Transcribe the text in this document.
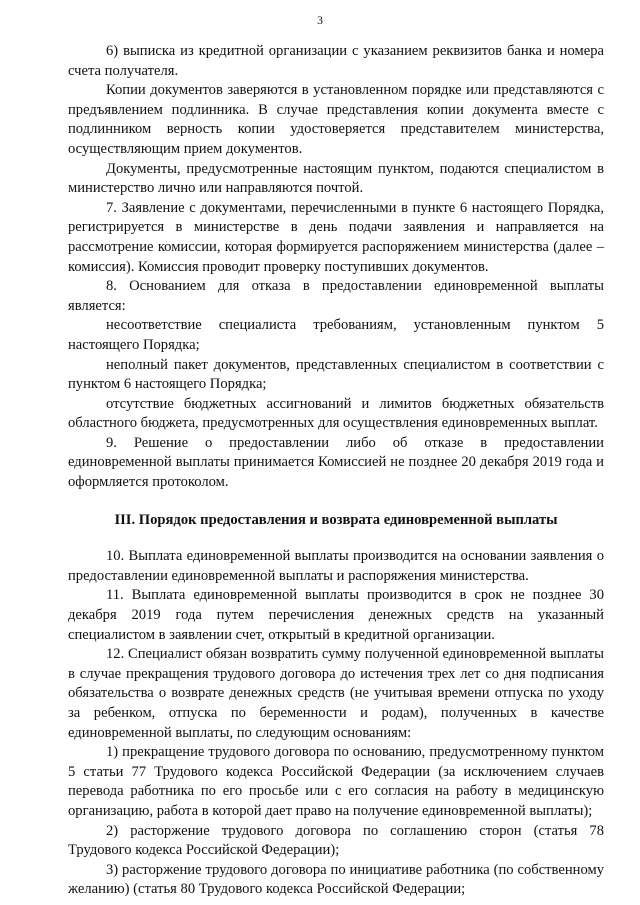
3

6) выписка из кредитной организации с указанием реквизитов банка и номера счета получателя.

Копии документов заверяются в установленном порядке или представляются с предъявлением подлинника. В случае представления копии документа вместе с подлинником верность копии удостоверяется представителем министерства, осуществляющим прием документов.

Документы, предусмотренные настоящим пунктом, подаются специалистом в министерство лично или направляются почтой.

7. Заявление с документами, перечисленными в пункте 6 настоящего Порядка, регистрируется в министерстве в день подачи заявления и направляется на рассмотрение комиссии, которая формируется распоряжением министерства (далее – комиссия). Комиссия проводит проверку поступивших документов.

8. Основанием для отказа в предоставлении единовременной выплаты является:

несоответствие специалиста требованиям, установленным пунктом 5 настоящего Порядка;

неполный пакет документов, представленных специалистом в соответствии с пунктом 6 настоящего Порядка;

отсутствие бюджетных ассигнований и лимитов бюджетных обязательств областного бюджета, предусмотренных для осуществления единовременных выплат.

9. Решение о предоставлении либо об отказе в предоставлении единовременной выплаты принимается Комиссией не позднее 20 декабря 2019 года и оформляется протоколом.

III. Порядок предоставления и возврата единовременной выплаты

10. Выплата единовременной выплаты производится на основании заявления о предоставлении единовременной выплаты и распоряжения министерства.

11. Выплата единовременной выплаты производится в срок не позднее 30 декабря 2019 года путем перечисления денежных средств на указанный специалистом в заявлении счет, открытый в кредитной организации.

12. Специалист обязан возвратить сумму полученной единовременной выплаты в случае прекращения трудового договора до истечения трех лет со дня подписания обязательства о возврате денежных средств (не учитывая времени отпуска по уходу за ребенком, отпуска по беременности и родам), полученных в качестве единовременной выплаты, по следующим основаниям:

1) прекращение трудового договора по основанию, предусмотренному пунктом 5 статьи 77 Трудового кодекса Российской Федерации (за исключением случаев перевода работника по его просьбе или с его согласия на работу в медицинскую организацию, работа в которой дает право на получение единовременной выплаты);

2) расторжение трудового договора по соглашению сторон (статья 78 Трудового кодекса Российской Федерации);

3) расторжение трудового договора по инициативе работника (по собственному желанию) (статья 80 Трудового кодекса Российской Федерации;
